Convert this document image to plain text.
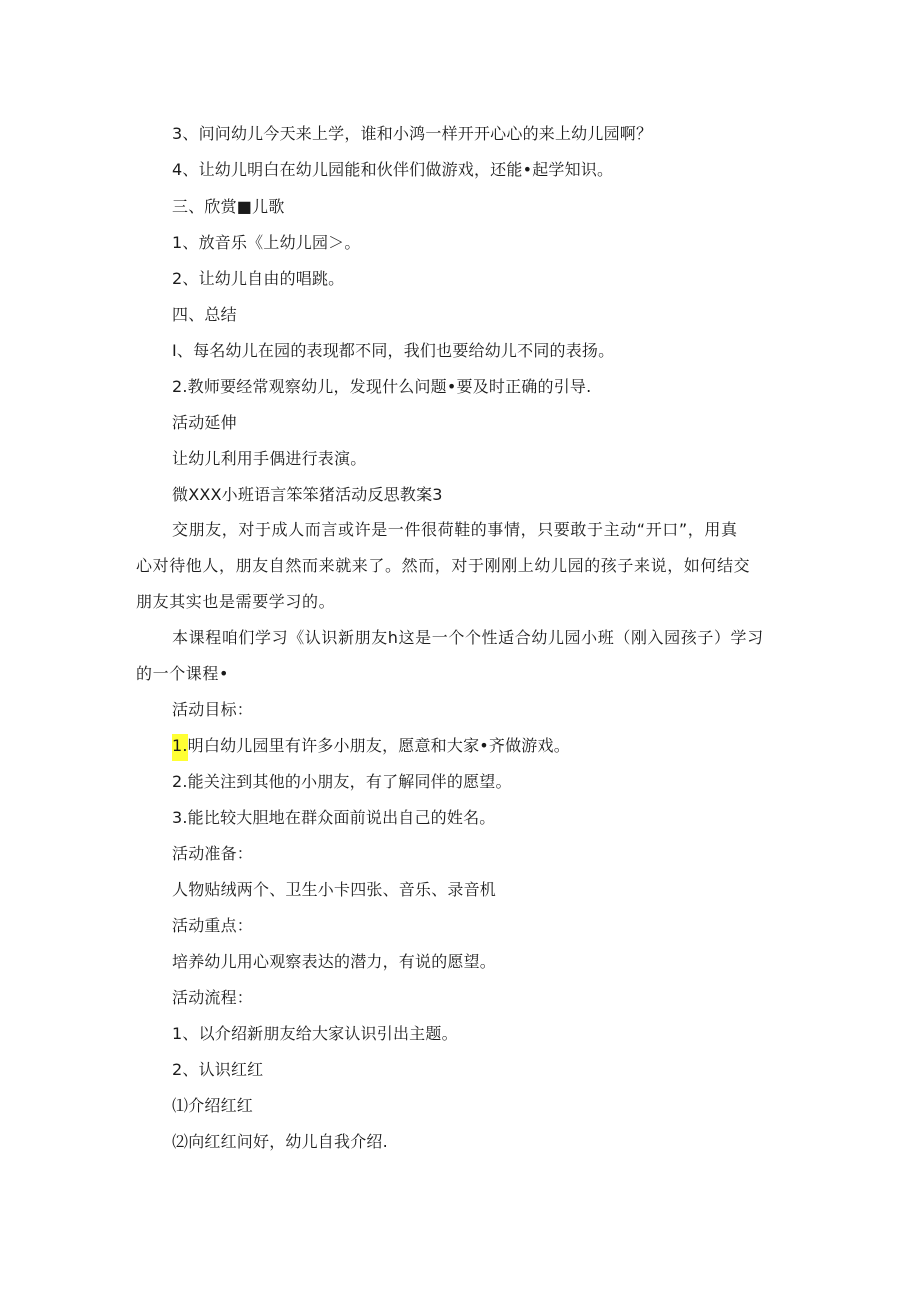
3、问问幼儿今天来上学，谁和小鸿一样开开心心的来上幼儿园啊？
4、让幼儿明白在幼儿园能和伙伴们做游戏，还能•起学知识。
三、欣赏■儿歌
1、放音乐《上幼儿园＞。
2、让幼儿自由的唱跳。
四、总结
I、每名幼儿在园的表现都不同，我们也要给幼儿不同的表扬。
2.教师要经常观察幼儿，发现什么问题•要及时正确的引导.
活动延伸
让幼儿利用手偶进行表演。
微XXX小班语言笨笨猪活动反思教案3
交朋友，对于成人而言或许是一件很荷鞋的事情，只要敢于主动“开口”，用真
心对待他人，朋友自然而来就来了。然而，对于刚刚上幼儿园的孩子来说，如何结交
朋友其实也是需要学习的。
本课程咱们学习《认识新朋友h这是一个个性适合幼儿园小班（刚入园孩子）学习
的一个课程•
活动目标：
1.明白幼儿园里有许多小朋友，愿意和大家•齐做游戏。
2.能关注到其他的小朋友，有了解同伴的愿望。
3.能比较大胆地在群众面前说出自己的姓名。
活动准备：
人物贴绒两个、卫生小卡四张、音乐、录音机
活动重点：
培养幼儿用心观察表达的潜力，有说的愿望。
活动流程：
1、以介绍新朋友给大家认识引出主题。
2、认识红红
⑴介绍红红
⑵向红红问好，幼儿自我介绍.
